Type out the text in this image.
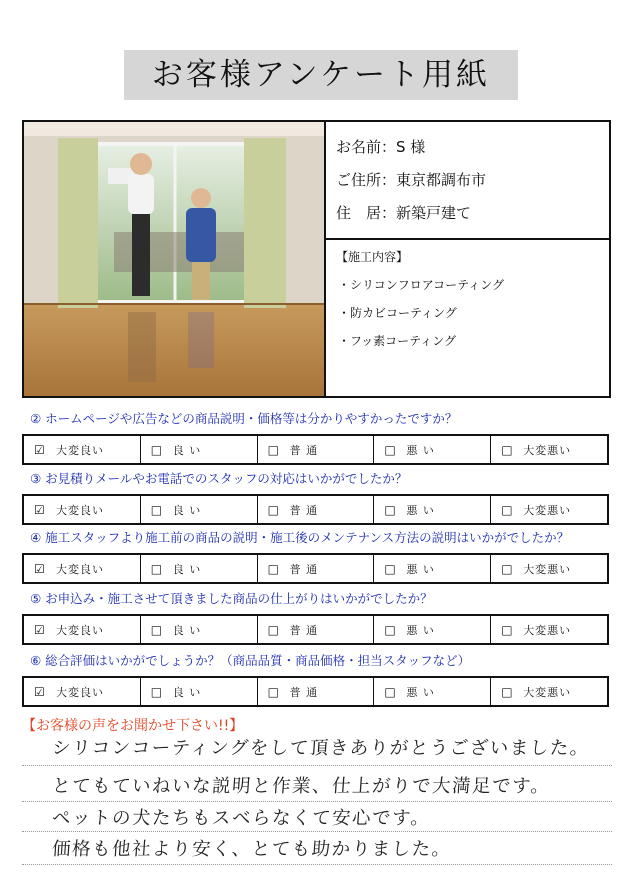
お客様アンケート用紙
お名前：S 様
ご住所：東京都調布市
住　居：新築戸建て
【施工内容】
・シリコンフロアコーティング
・防カビコーティング
・フッ素コーティング
② ホームページや広告などの商品説明・価格等は分かりやすかったですか？
☑ 大変良い	□ 良 い	□ 普 通	□ 悪 い	□ 大変悪い
③ お見積りメールやお電話でのスタッフの対応はいかがでしたか？
☑ 大変良い	□ 良 い	□ 普 通	□ 悪 い	□ 大変悪い
④ 施工スタッフより施工前の商品の説明・施工後のメンテナンス方法の説明はいかがでしたか？
☑ 大変良い	□ 良 い	□ 普 通	□ 悪 い	□ 大変悪い
⑤ お申込み・施工させて頂きました商品の仕上がりはいかがでしたか？
☑ 大変良い	□ 良 い	□ 普 通	□ 悪 い	□ 大変悪い
⑥ 総合評価はいかがでしょうか？（商品品質・商品価格・担当スタッフなど）
☑ 大変良い	□ 良 い	□ 普 通	□ 悪 い	□ 大変悪い
【お客様の声をお聞かせ下さい!!】
シリコンコーティングをして頂きありがとうございました。
とてもていねいな説明と作業、仕上がりで大満足です。
ペットの犬たちもスベらなくて安心です。
価格も他社より安く、とても助かりました。
